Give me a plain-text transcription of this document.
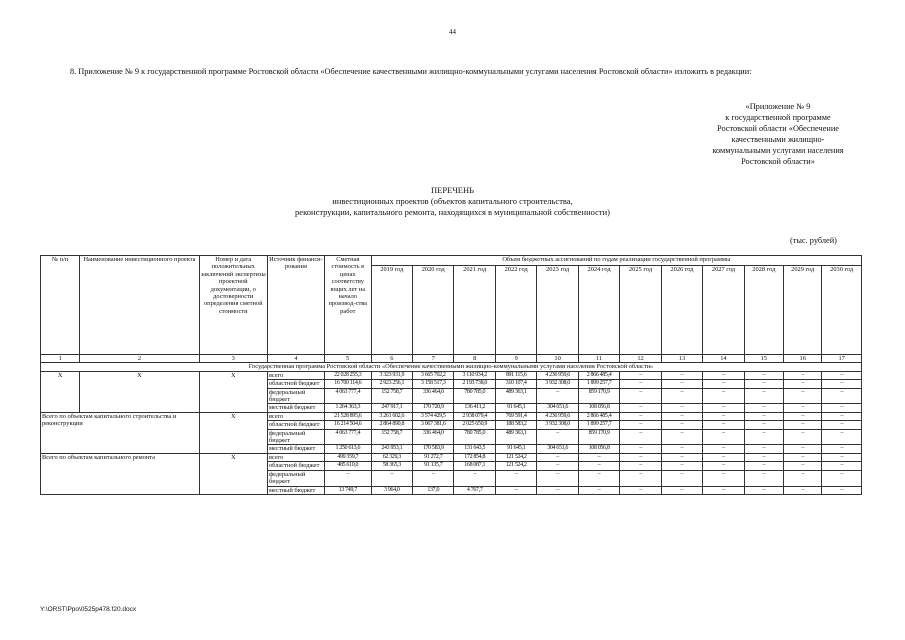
44
8. Приложение № 9 к государственной программе Ростовской области «Обеспечение качественными жилищно-коммунальными услугами населения Ростовской области» изложить в редакции:
«Приложение № 9
к государственной программе
Ростовской области «Обеспечение
качественными жилищно-
коммунальными услугами населения
Ростовской области»
ПЕРЕЧЕНЬ
инвестиционных проектов (объектов капитального строительства,
реконструкции, капитального ремонта, находящихся в муниципальной собственности)
(тыс. рублей)
№ п/п	Наименование инвестиционного проекта	Номер и дата положительных заключений экспертизы проектной документации, о достоверности определения сметной стоимости	Источник финанси-рования	Сметная стоимость в ценах соответству ющих лет на начало производ-ства работ	Объем бюджетных ассигнований по годам реализации государственной программы											
					2019 год	2020 год	2021 год	2022 год	2023 год	2024 год	2025 год	2026 год	2027 год	2028 год	2029 год	2030 год
1	2	3	4	5	6	7	8	9	10	11	12	13	14	15	16	17
Государственная программа Ростовской области «Обеспечение качественными жилищно-коммунальными услугами населения Ростовской области»																
Х	Х	Х	всего	22 028 255,3	3 323 931,9	3 665 702,2	3 110 934,2	891 115,6	4 236 959,6	2 866 485,4	–	–	–	–	–	–
			областной бюджет	16 700 114,6	2 923 256,1	3 158 517,3	2 193 738,0	310 107,4	3 932 308,0	1 899 257,7	–	–	–	–	–	–
			федеральный бюджет	4 063 777,4	152 758,7	336 464,0	780 785,0	489 363,1	–	859 170,9	–	–	–	–	–	–
			местный бюджет	1 264 363,3	247 917,1	170 720,9	136 411,2	91 645,1	304 651,6	108 056,8	–	–	–	–	–	–
Всего по объектам капитального строительства и реконструкции		Х	всего	21 528 895,6	3 261 602,6	3 574 429,5	2 938 079,4	769 591,4	4 236 959,6	2 866 485,4	–	–	–	–	–	–
			областной бюджет	16 214 504,6	2 864 890,8	3 067 381,6	2 025 650,9	188 583,2	3 932 308,0	1 899 257,7	–	–	–	–	–	–
			федеральный бюджет	4 063 777,4	152 758,7	336 464,0	780 785,0	489 363,1	–	859 170,9	–	–	–	–	–	–
			местный бюджет	1 250 613,6	243 953,1	170 583,9	131 643,5	91 645,1	304 651,6	108 056,8	–	–	–	–	–	–
Всего по объектам капитального ремонта		Х	всего	499 359,7	62 329,3	91 272,7	172 854,8	121 524,2	–	–	–	–	–	–	–	–
			областной бюджет	485 610,0	58 365,3	91 135,7	168 087,1	121 524,2	–	–	–	–	–	–	–	–
			федеральный бюджет	–	–	–	–	–	–	–	–	–	–	–	–	–
			местный бюджет	13 749,7	3 964,0	137,0	4 767,7	–	–	–	–	–	–	–	–	–
Y:\ORST\Ppo\0525p478.f20.docx
